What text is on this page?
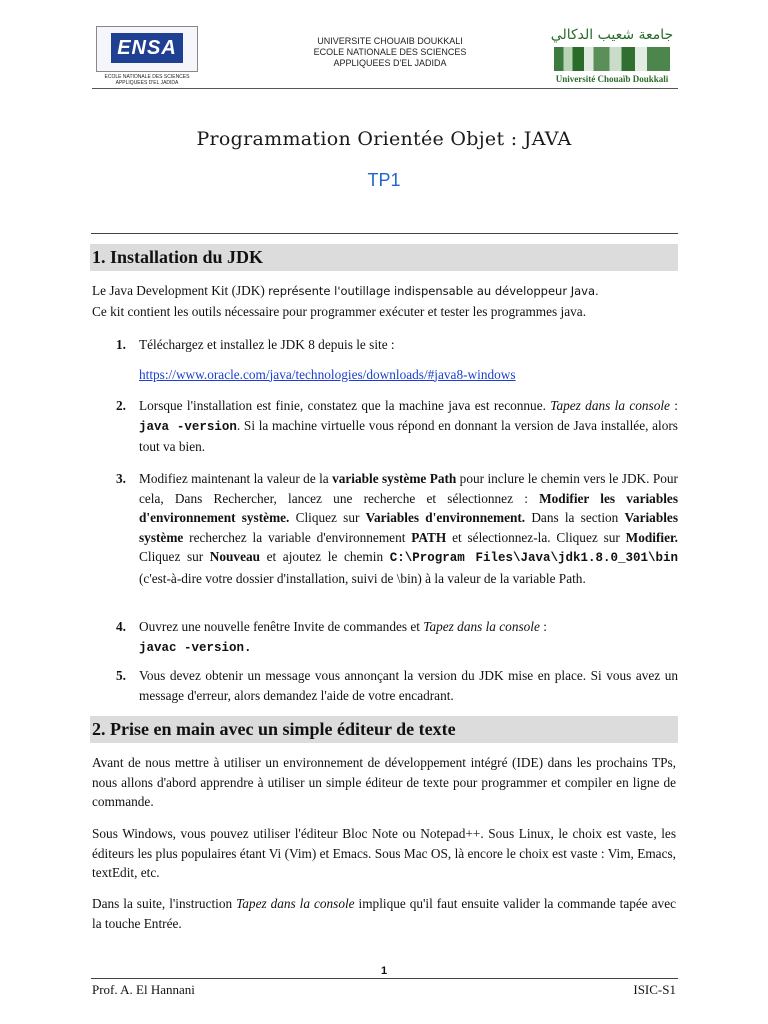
ENSA
ECOLE NATIONALE DES SCIENCES APPLIQUEES D'EL JADIDA
UNIVERSITE CHOUAIB DOUKKALI
ECOLE NATIONALE DES SCIENCES
APPLIQUEES D'EL JADIDA
جامعة شعيب الدكالي
Université Chouaïb Doukkali
Programmation Orientée Objet : JAVA
TP1
1. Installation du JDK
Le Java Development Kit (JDK) représente l'outillage indispensable au développeur Java.
Ce kit contient les outils nécessaire pour programmer exécuter et tester les programmes java.
1. Téléchargez et installez le JDK 8 depuis le site :
https://www.oracle.com/java/technologies/downloads/#java8-windows
2. Lorsque l'installation est finie, constatez que la machine java est reconnue. Tapez dans la console : java -version. Si la machine virtuelle vous répond en donnant la version de Java installée, alors tout va bien.
3. Modifiez maintenant la valeur de la variable système Path pour inclure le chemin vers le JDK. Pour cela, Dans Rechercher, lancez une recherche et sélectionnez : Modifier les variables d'environnement système. Cliquez sur Variables d'environnement. Dans la section Variables système recherchez la variable d'environnement PATH et sélectionnez-la. Cliquez sur Modifier. Cliquez sur Nouveau et ajoutez le chemin C:\Program Files\Java\jdk1.8.0_301\bin (c'est-à-dire votre dossier d'installation, suivi de \bin) à la valeur de la variable Path.
4. Ouvrez une nouvelle fenêtre Invite de commandes et Tapez dans la console :
javac -version.
5. Vous devez obtenir un message vous annonçant la version du JDK mise en place. Si vous avez un message d'erreur, alors demandez l'aide de votre encadrant.
2. Prise en main avec un simple éditeur de texte
Avant de nous mettre à utiliser un environnement de développement intégré (IDE) dans les prochains TPs, nous allons d'abord apprendre à utiliser un simple éditeur de texte pour programmer et compiler en ligne de commande.
Sous Windows, vous pouvez utiliser l'éditeur Bloc Note ou Notepad++. Sous Linux, le choix est vaste, les éditeurs les plus populaires étant Vi (Vim) et Emacs. Sous Mac OS, là encore le choix est vaste : Vim, Emacs, textEdit, etc.
Dans la suite, l'instruction Tapez dans la console implique qu'il faut ensuite valider la commande tapée avec la touche Entrée.
1
Prof. A. El Hannani	ISIC-S1
